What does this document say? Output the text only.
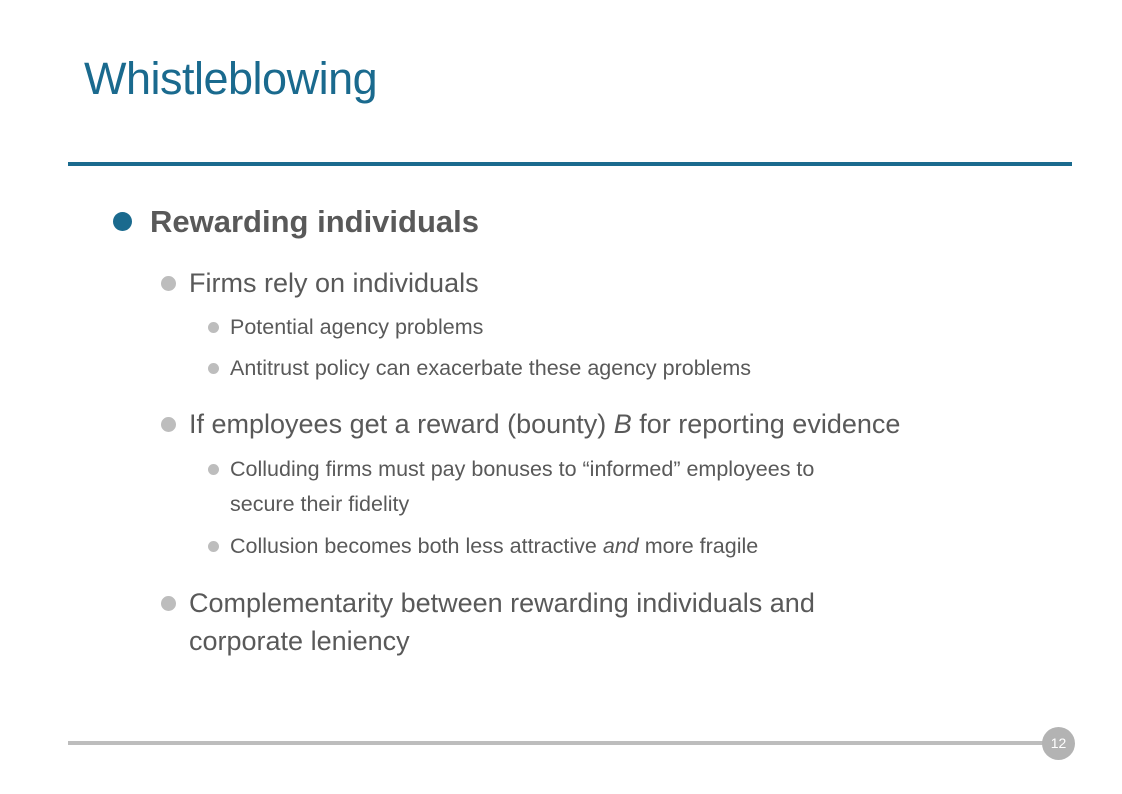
Whistleblowing
Rewarding individuals
Firms rely on individuals
Potential agency problems
Antitrust policy can exacerbate these agency problems
If employees get a reward (bounty) B for reporting evidence
Colluding firms must pay bonuses to “informed” employees to
secure their fidelity
Collusion becomes both less attractive and more fragile
Complementarity between rewarding individuals and
corporate leniency
12
